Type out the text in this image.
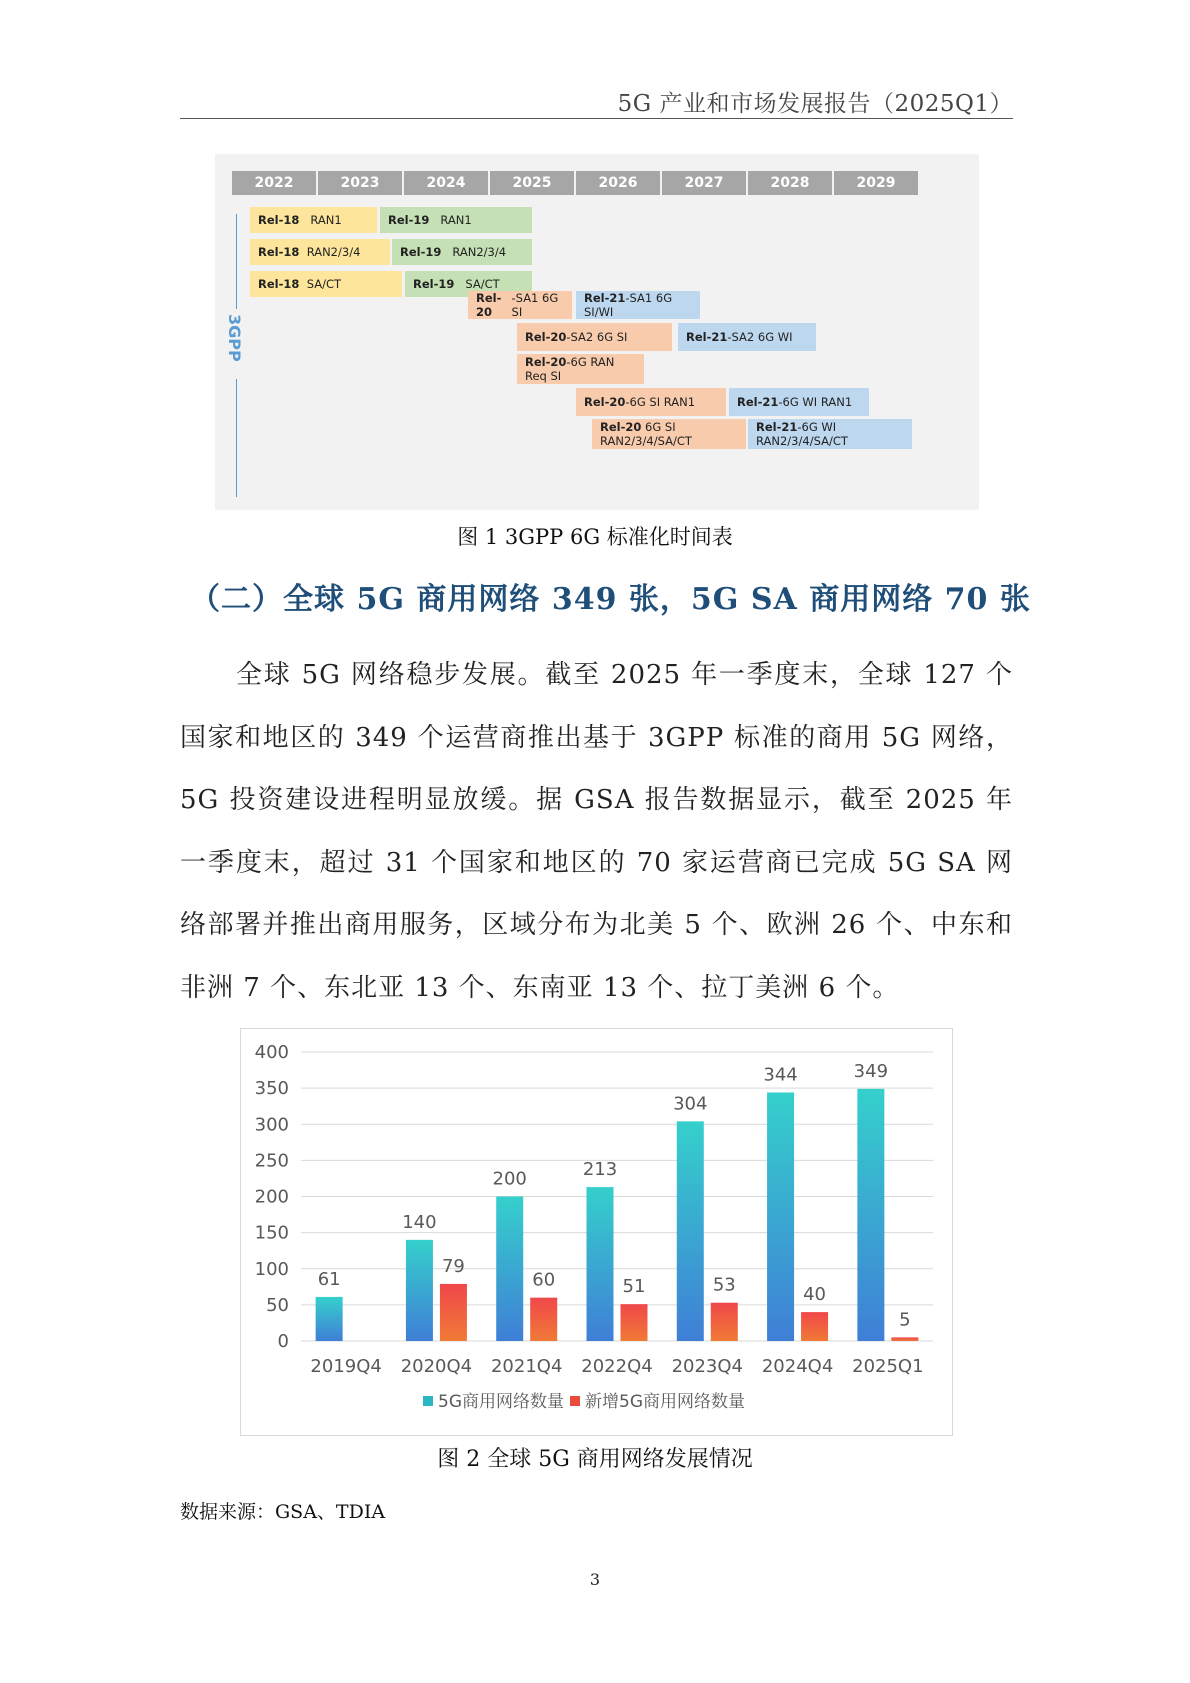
5G 产业和市场发展报告（2025Q1）
2022	2023	2024	2025	2026	2027	2028	2029
3GPP
Rel-18
RAN1	Rel-19
RAN1
Rel-18
RAN2/3/4	Rel-19
RAN2/3/4
Rel-18
SA/CT	Rel-19
SA/CT
Rel-20
-SA1 6G SI
Rel-21-SA1 6G SI/WI
Rel-20 -SA2 6G SI	Rel-21 -SA2 6G WI
Rel-20-6G RAN Req SI
Rel-20 -6G SI RAN1	Rel-21 -6G WI RAN1
Rel-20 6G SI RAN2/3/4/SA/CT
Rel-21-6G WI RAN2/3/4/SA/CT
图 1 3GPP 6G 标准化时间表
（二）全球 5G 商用网络 349 张，5G SA 商用网络 70 张
全球 5G 网络稳步发展。截至 2025 年一季度末，全球 127 个国家和地区的 349 个运营商推出基于 3GPP 标准的商用 5G 网络，5G 投资建设进程明显放缓。据 GSA 报告数据显示，截至 2025 年一季度末，超过 31 个国家和地区的 70 家运营商已完成 5G SA 网络部署并推出商用服务，区域分布为北美 5 个、欧洲 26 个、中东和非洲 7 个、东北亚 13 个、东南亚 13 个、拉丁美洲 6 个。
0
50
100
150
200
250
300
350
400
61
2019Q4
140
79
2020Q4
200
60
2021Q4
213
51
2022Q4
304
53
2023Q4
344
40
2024Q4
349
5
2025Q1
5G商用网络数量 新增5G商用网络数量
图 2 全球 5G 商用网络发展情况
数据来源：GSA、TDIA
3
